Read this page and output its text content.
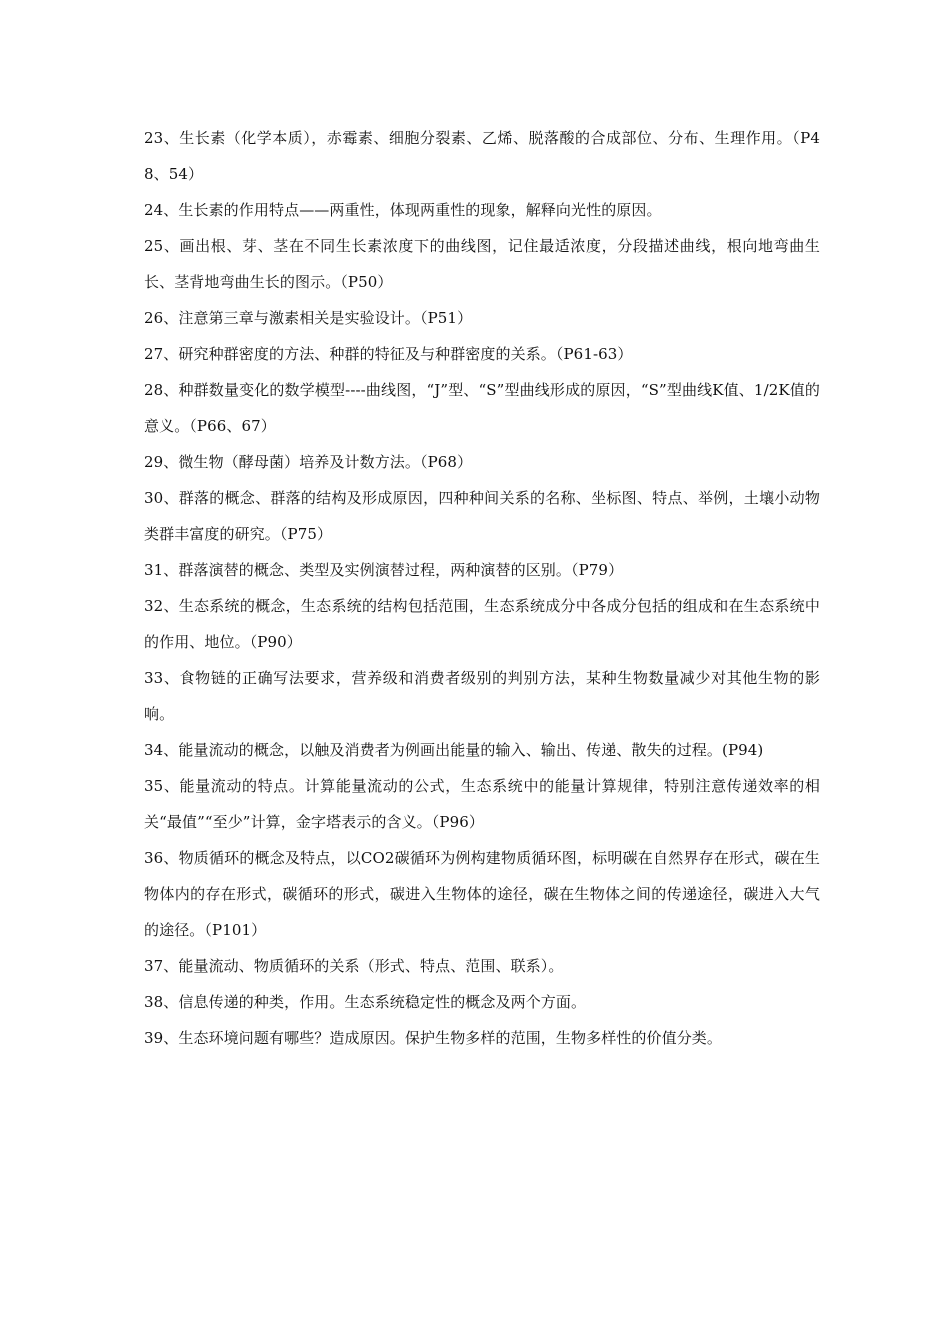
23、生长素（化学本质），赤霉素、细胞分裂素、乙烯、脱落酸的合成部位、分布、生理作用。（P48、54）

24、生长素的作用特点——两重性，体现两重性的现象，解释向光性的原因。

25、画出根、芽、茎在不同生长素浓度下的曲线图，记住最适浓度，分段描述曲线，根向地弯曲生长、茎背地弯曲生长的图示。（P50）

26、注意第三章与激素相关是实验设计。（P51）

27、研究种群密度的方法、种群的特征及与种群密度的关系。（P61-63）

28、种群数量变化的数学模型----曲线图，“J”型、“S”型曲线形成的原因，“S”型曲线K值、1/2K值的意义。（P66、67）

29、微生物（酵母菌）培养及计数方法。（P68）

30、群落的概念、群落的结构及形成原因，四种种间关系的名称、坐标图、特点、举例，土壤小动物类群丰富度的研究。（P75）

31、群落演替的概念、类型及实例演替过程，两种演替的区别。（P79）

32、生态系统的概念，生态系统的结构包括范围，生态系统成分中各成分包括的组成和在生态系统中的作用、地位。（P90）

33、食物链的正确写法要求，营养级和消费者级别的判别方法，某种生物数量减少对其他生物的影响。

34、能量流动的概念，以触及消费者为例画出能量的输入、输出、传递、散失的过程。(P94)

35、能量流动的特点。计算能量流动的公式，生态系统中的能量计算规律，特别注意传递效率的相关“最值”“至少”计算，金字塔表示的含义。（P96）

36、物质循环的概念及特点，以CO2碳循环为例构建物质循环图，标明碳在自然界存在形式，碳在生物体内的存在形式，碳循环的形式，碳进入生物体的途径，碳在生物体之间的传递途径，碳进入大气的途径。（P101）

37、能量流动、物质循环的关系（形式、特点、范围、联系）。

38、信息传递的种类，作用。生态系统稳定性的概念及两个方面。

39、生态环境问题有哪些？造成原因。保护生物多样的范围，生物多样性的价值分类。
